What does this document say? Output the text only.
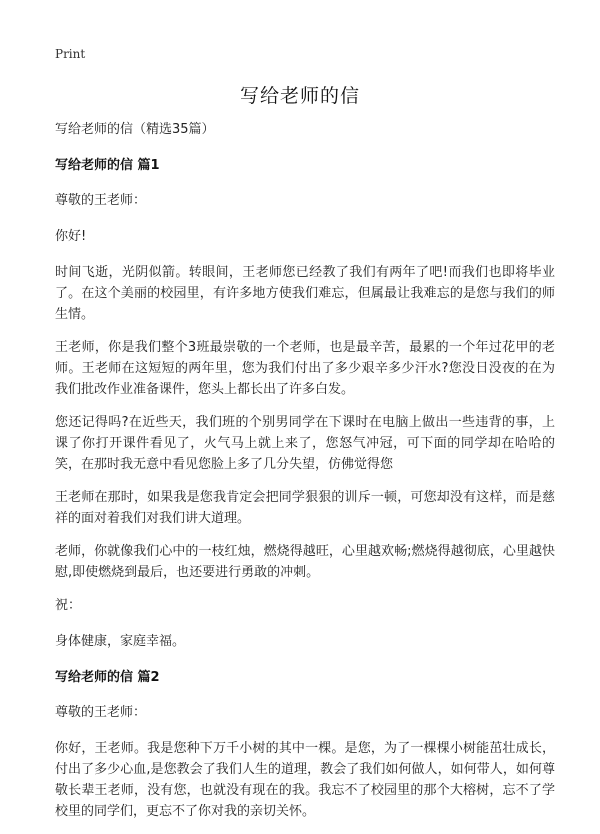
Print
写给老师的信

写给老师的信（精选35篇）

写给老师的信 篇1

尊敬的王老师：

你好!

时间飞逝，光阴似箭。转眼间，王老师您已经教了我们有两年了吧!而我们也即将毕业了。在这个美丽的校园里，有许多地方使我们难忘，但属最让我难忘的是您与我们的师生情。

王老师，你是我们整个3班最崇敬的一个老师，也是最辛苦，最累的一个年过花甲的老师。王老师在这短短的两年里，您为我们付出了多少艰辛多少汗水?您没日没夜的在为我们批改作业准备课件，您头上都长出了许多白发。

您还记得吗?在近些天，我们班的个别男同学在下课时在电脑上做出一些违背的事，上课了你打开课件看见了，火气马上就上来了，您怒气冲冠，可下面的同学却在哈哈的笑，在那时我无意中看见您脸上多了几分失望，仿佛觉得您

王老师在那时，如果我是您我肯定会把同学狠狠的训斥一顿，可您却没有这样，而是慈祥的面对着我们对我们讲大道理。

老师，你就像我们心中的一枝红烛，燃烧得越旺，心里越欢畅;燃烧得越彻底，心里越快慰,即使燃烧到最后，也还要进行勇敢的冲刺。

祝：

身体健康，家庭幸福。

写给老师的信 篇2

尊敬的王老师：

你好，王老师。我是您种下万千小树的其中一棵。是您，为了一棵棵小树能茁壮成长，付出了多少心血,是您教会了我们人生的道理，教会了我们如何做人，如何带人，如何尊敬长辈王老师，没有您，也就没有现在的我。我忘不了校园里的那个大榕树，忘不了学校里的同学们，更忘不了你对我的亲切关怀。
